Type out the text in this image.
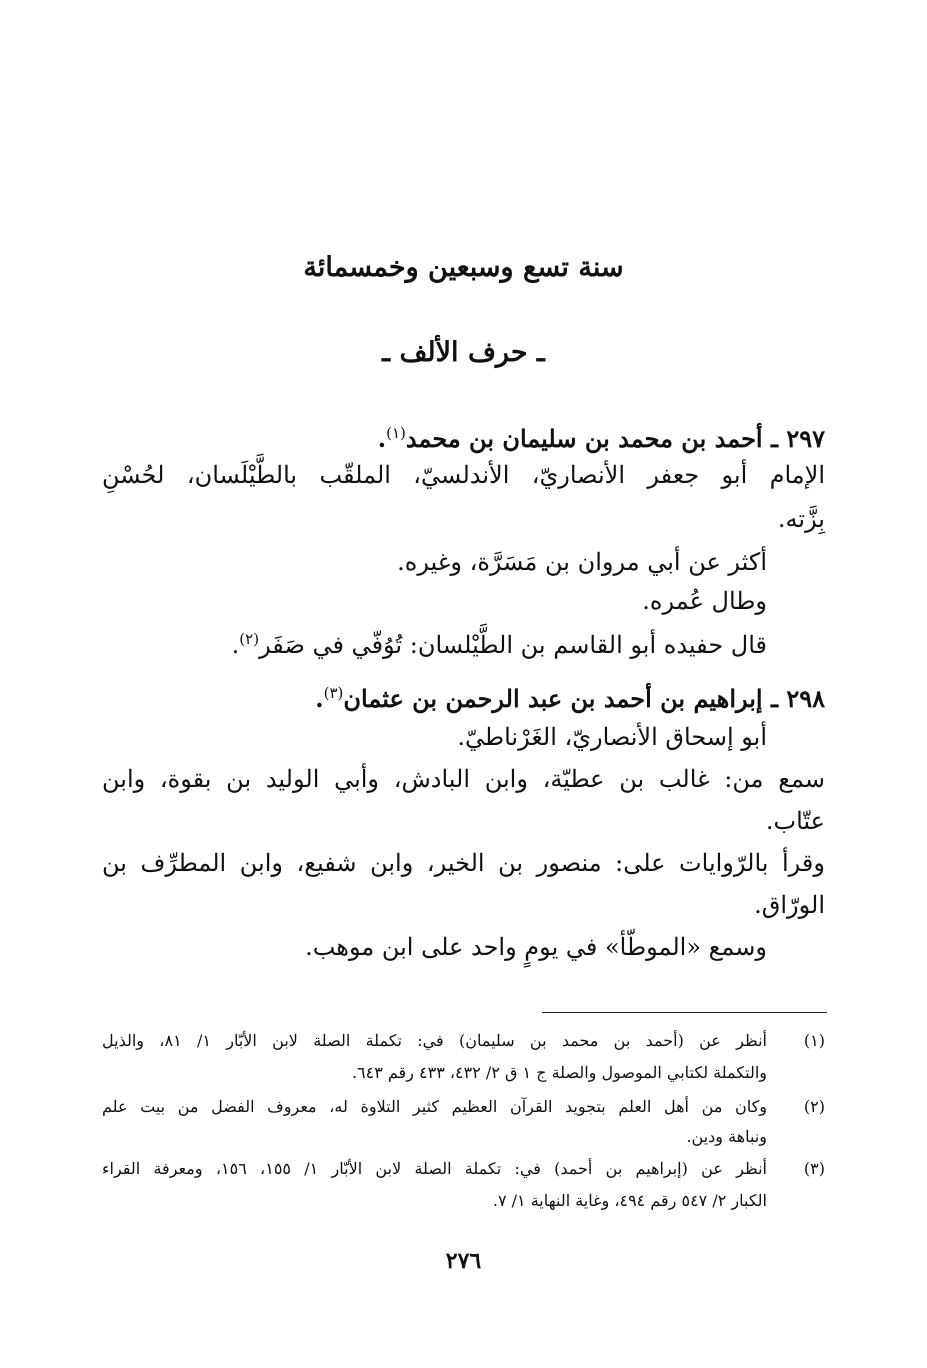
سنة تسع وسبعين وخمسمائة
ـ حرف الألف ـ
٢٩٧ ـ أحمد بن محمد بن سليمان بن محمد$^{(١)}$.
الإمام أبو جعفر الأنصاريّ، الأندلسيّ، الملقّب بالطَّيْلَسان، لحُسْنِ
بِزَّته.
أكثر عن أبي مروان بن مَسَرَّة، وغيره.
وطال عُمره.
قال حفيده أبو القاسم بن الطَّيْلسان: تُوُفّي في صَفَر$^{(٢)}$.
٢٩٨ ـ إبراهيم بن أحمد بن عبد الرحمن بن عثمان$^{(٣)}$.
أبو إسحاق الأنصاريّ، الغَرْناطيّ.
سمع من: غالب بن عطيّة، وابن البادش، وأبي الوليد بن بقوة، وابن
عتّاب.
وقرأ بالرّوايات على: منصور بن الخير، وابن شفيع، وابن المطرِّف بن
الورّاق.
وسمع «الموطّأ» في يومٍ واحد على ابن موهب.
(١)
أنظر عن (أحمد بن محمد بن سليمان) في: تكملة الصلة لابن الأبّار ١/ ٨١، والذيل
والتكملة لكتابي الموصول والصلة ج ١ ق ٢/ ٤٣٢، ٤٣٣ رقم ٦٤٣.
(٢)
وكان من أهل العلم بتجويد القرآن العظيم كثير التلاوة له، معروف الفضل من بيت علم
ونباهة ودين.
(٣)
أنظر عن (إبراهيم بن أحمد) في: تكملة الصلة لابن الأبّار ١/ ١٥٥، ١٥٦، ومعرفة القراء
الكبار ٢/ ٥٤٧ رقم ٤٩٤، وغاية النهاية ١/ ٧.
٢٧٦
